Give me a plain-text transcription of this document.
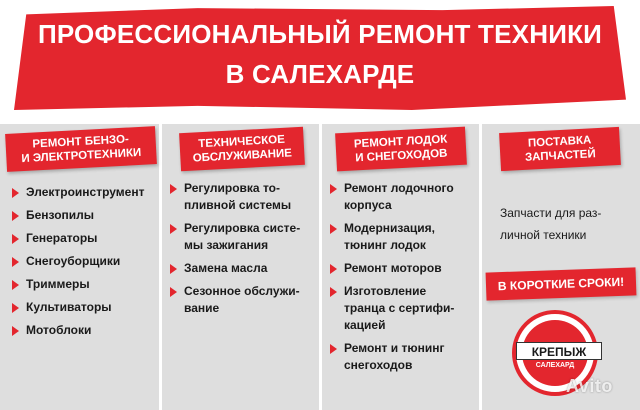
ПРОФЕССИОНАЛЬНЫЙ РЕМОНТ ТЕХНИКИ
В САЛЕХАРДЕ
РЕМОНТ БЕНЗО-
И ЭЛЕКТРОТЕХНИКИ
Электроинструмент
Бензопилы
Генераторы
Снегоуборщики
Триммеры
Культиваторы
Мотоблоки
ТЕХНИЧЕСКОЕ
ОБСЛУЖИВАНИЕ
Регулировка то-
пливной системы
Регулировка систе-
мы зажигания
Замена масла
Сезонное обслужи-
вание
РЕМОНТ ЛОДОК
И СНЕГОХОДОВ
Ремонт лодочного
корпуса
Модернизация,
тюнинг лодок
Ремонт моторов
Изготовление
транца с сертифи-
кацией
Ремонт и тюнинг
снегоходов
ПОСТАВКА
ЗАПЧАСТЕЙ
Запчасти для раз-
личной техники
В КОРОТКИЕ СРОКИ!
КРЕПЫЖ
САЛЕХАРД
Avito
